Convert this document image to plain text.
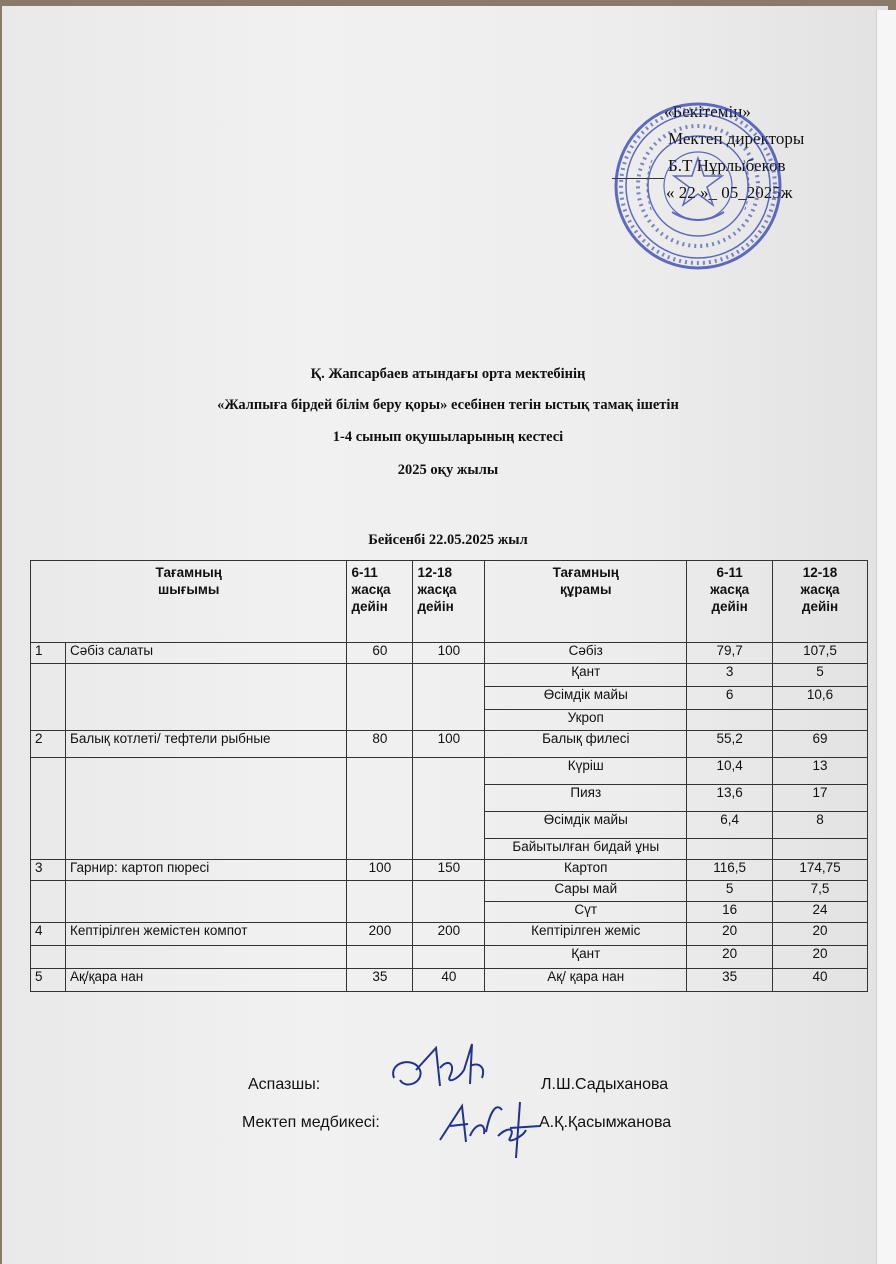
«Бекітемін»
Мектеп директоры
Б.Т Нұрлыбеков
« 22 »_ 05_2025ж
Қ. Жапсарбаев атындағы орта мектебінің
«Жалпыға бірдей білім беру қоры» есебінен тегін ыстық тамақ ішетін
1-4 сынып оқушыларының кестесі
2025 оқу жылы
Бейсенбі 22.05.2025 жыл
Тағамның шығымы		6-11 жасқа дейін	12-18 жасқа дейін	Тағамның құрамы	6-11 жасқа дейін	12-18 жасқа дейін
1	Сәбіз салаты	60	100	Сәбіз	79,7	107,5
				Қант	3	5
				Өсімдік майы	6	10,6
				Укроп		
2	Балық котлеті/ тефтели рыбные	80	100	Балық филесі	55,2	69
				Күріш	10,4	13
				Пияз	13,6	17
				Өсімдік майы	6,4	8
				Байытылған бидай ұны		
3	Гарнир: картоп пюресі	100	150	Картоп	116,5	174,75
				Сары май	5	7,5
				Сүт	16	24
4	Кептірілген жемістен компот	200	200	Кептірілген жеміс	20	20
				Қант	20	20
5	Ақ/қара нан	35	40	Ақ/ қара нан	35	40
Аспазшы:	Л.Ш.Садыханова
Мектеп медбикесі:	А.Қ.Қасымжанова
